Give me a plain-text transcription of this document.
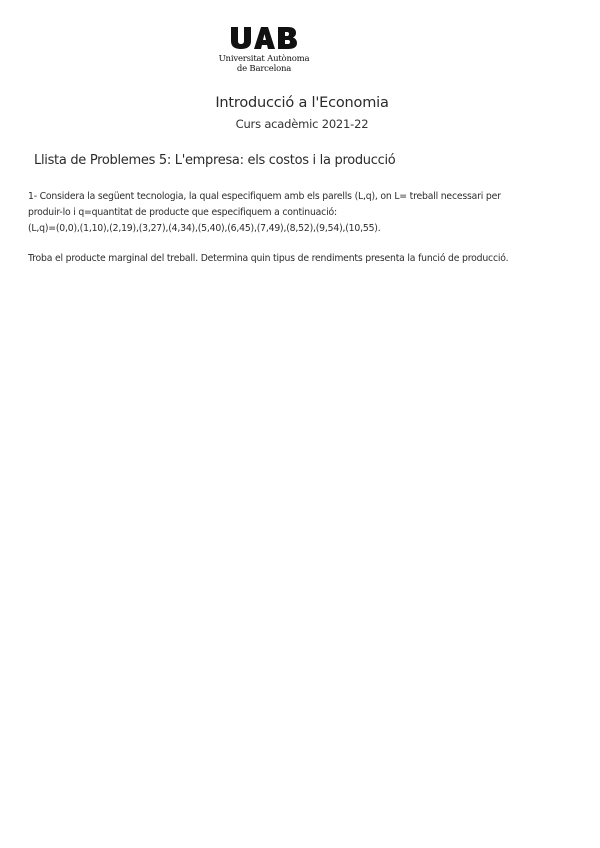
Universitat Autònoma
de Barcelona
Introducció a l'Economia
Curs acadèmic 2021-22
Llista de Problemes 5: L'empresa: els costos i la producció

1- Considera la següent tecnologia, la qual especifiquem amb els parells (L,q), on L= treball necessari per

produir-lo i q=quantitat de producte que especifiquem a continuació:

(L,q)=(0,0),(1,10),(2,19),(3,27),(4,34),(5,40),(6,45),(7,49),(8,52),(9,54),(10,55).

Troba el producte marginal del treball. Determina quin tipus de rendiments presenta la funció de producció.
